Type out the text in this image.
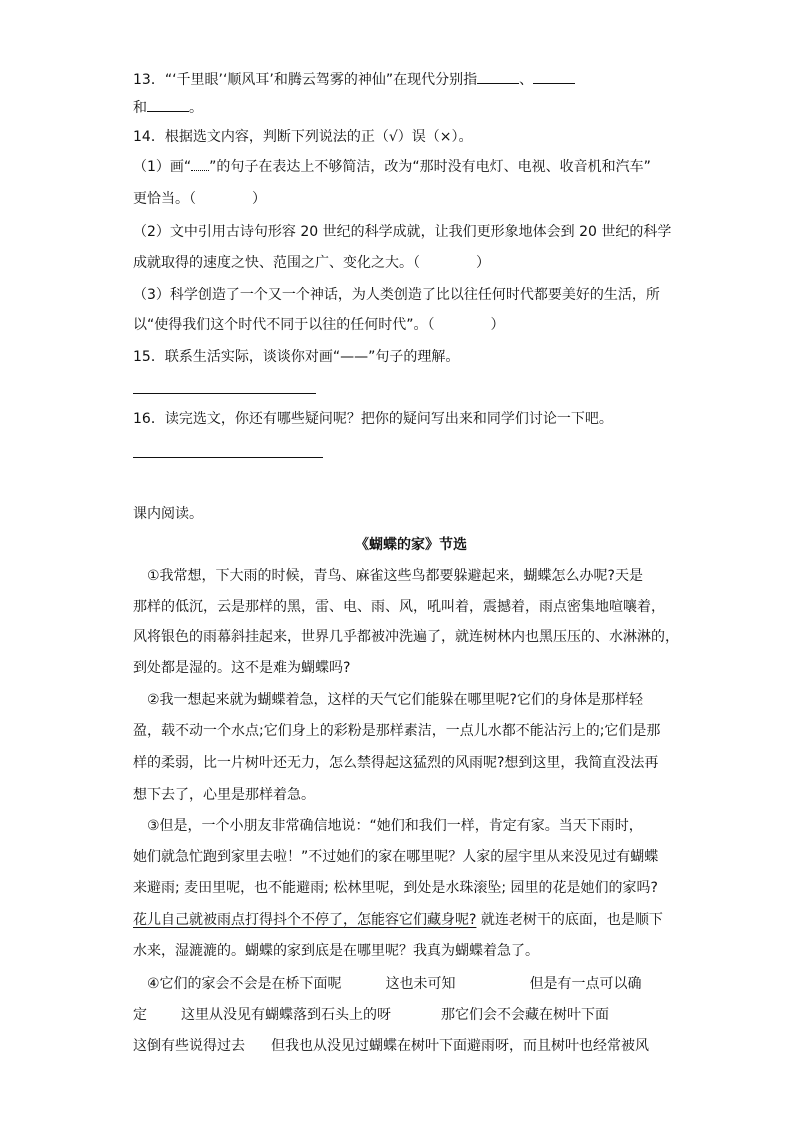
13．“‘千里眼’‘顺风耳’和腾云驾雾的神仙”在现代分别指	、
和	。
14．根据选文内容，判断下列说法的正（√）误（×）。
（1）画“ ”的句子在表达上不够简洁，改为“那时没有电灯、电视、收音机和汽车”
更恰当。（	）
（2）文中引用古诗句形容 20 世纪的科学成就，让我们更形象地体会到 20 世纪的科学
成就取得的速度之快、范围之广、变化之大。（	）
（3）科学创造了一个又一个神话，为人类创造了比以往任何时代都要美好的生活，所
以“使得我们这个时代不同于以往的任何时代”。（	）
15．联系生活实际，谈谈你对画“——”句子的理解。
16．读完选文，你还有哪些疑问呢？把你的疑问写出来和同学们讨论一下吧。
课内阅读。
《蝴蝶的家》节选
①我常想，下大雨的时候，青鸟、麻雀这些鸟都要躲避起来，蝴蝶怎么办呢?天是
那样的低沉，云是那样的黑，雷、电、雨、风，吼叫着，震撼着，雨点密集地喧嚷着，
风将银色的雨幕斜挂起来，世界几乎都被冲洗遍了，就连树林内也黑压压的、水淋淋的，
到处都是湿的。这不是难为蝴蝶吗?
②我一想起来就为蝴蝶着急，这样的天气它们能躲在哪里呢?它们的身体是那样轻
盈，载不动一个水点;它们身上的彩粉是那样素洁，一点儿水都不能沾污上的;它们是那
样的柔弱，比一片树叶还无力，怎么禁得起这猛烈的风雨呢?想到这里，我简直没法再
想下去了，心里是那样着急。
③但是，一个小朋友非常确信地说：“她们和我们一样，肯定有家。当天下雨时，
她们就急忙跑到家里去啦！”不过她们的家在哪里呢？人家的屋宇里从来没见过有蝴蝶
来避雨; 麦田里呢，也不能避雨; 松林里呢，到处是水珠滚坠; 园里的花是她们的家吗?
花儿自己就被雨点打得抖个不停了，怎能容它们藏身呢? 就连老树干的底面，也是顺下
水来，湿漉漉的。蝴蝶的家到底是在哪里呢？我真为蝴蝶着急了。
④它们的家会不会是在桥下面呢	这也未可知	但是有一点可以确
定 这里从没见有蝴蝶落到石头上的呀	那它们会不会藏在树叶下面
这倒有些说得过去 但我也从没见过蝴蝶在树叶下面避雨呀，而且树叶也经常被风
